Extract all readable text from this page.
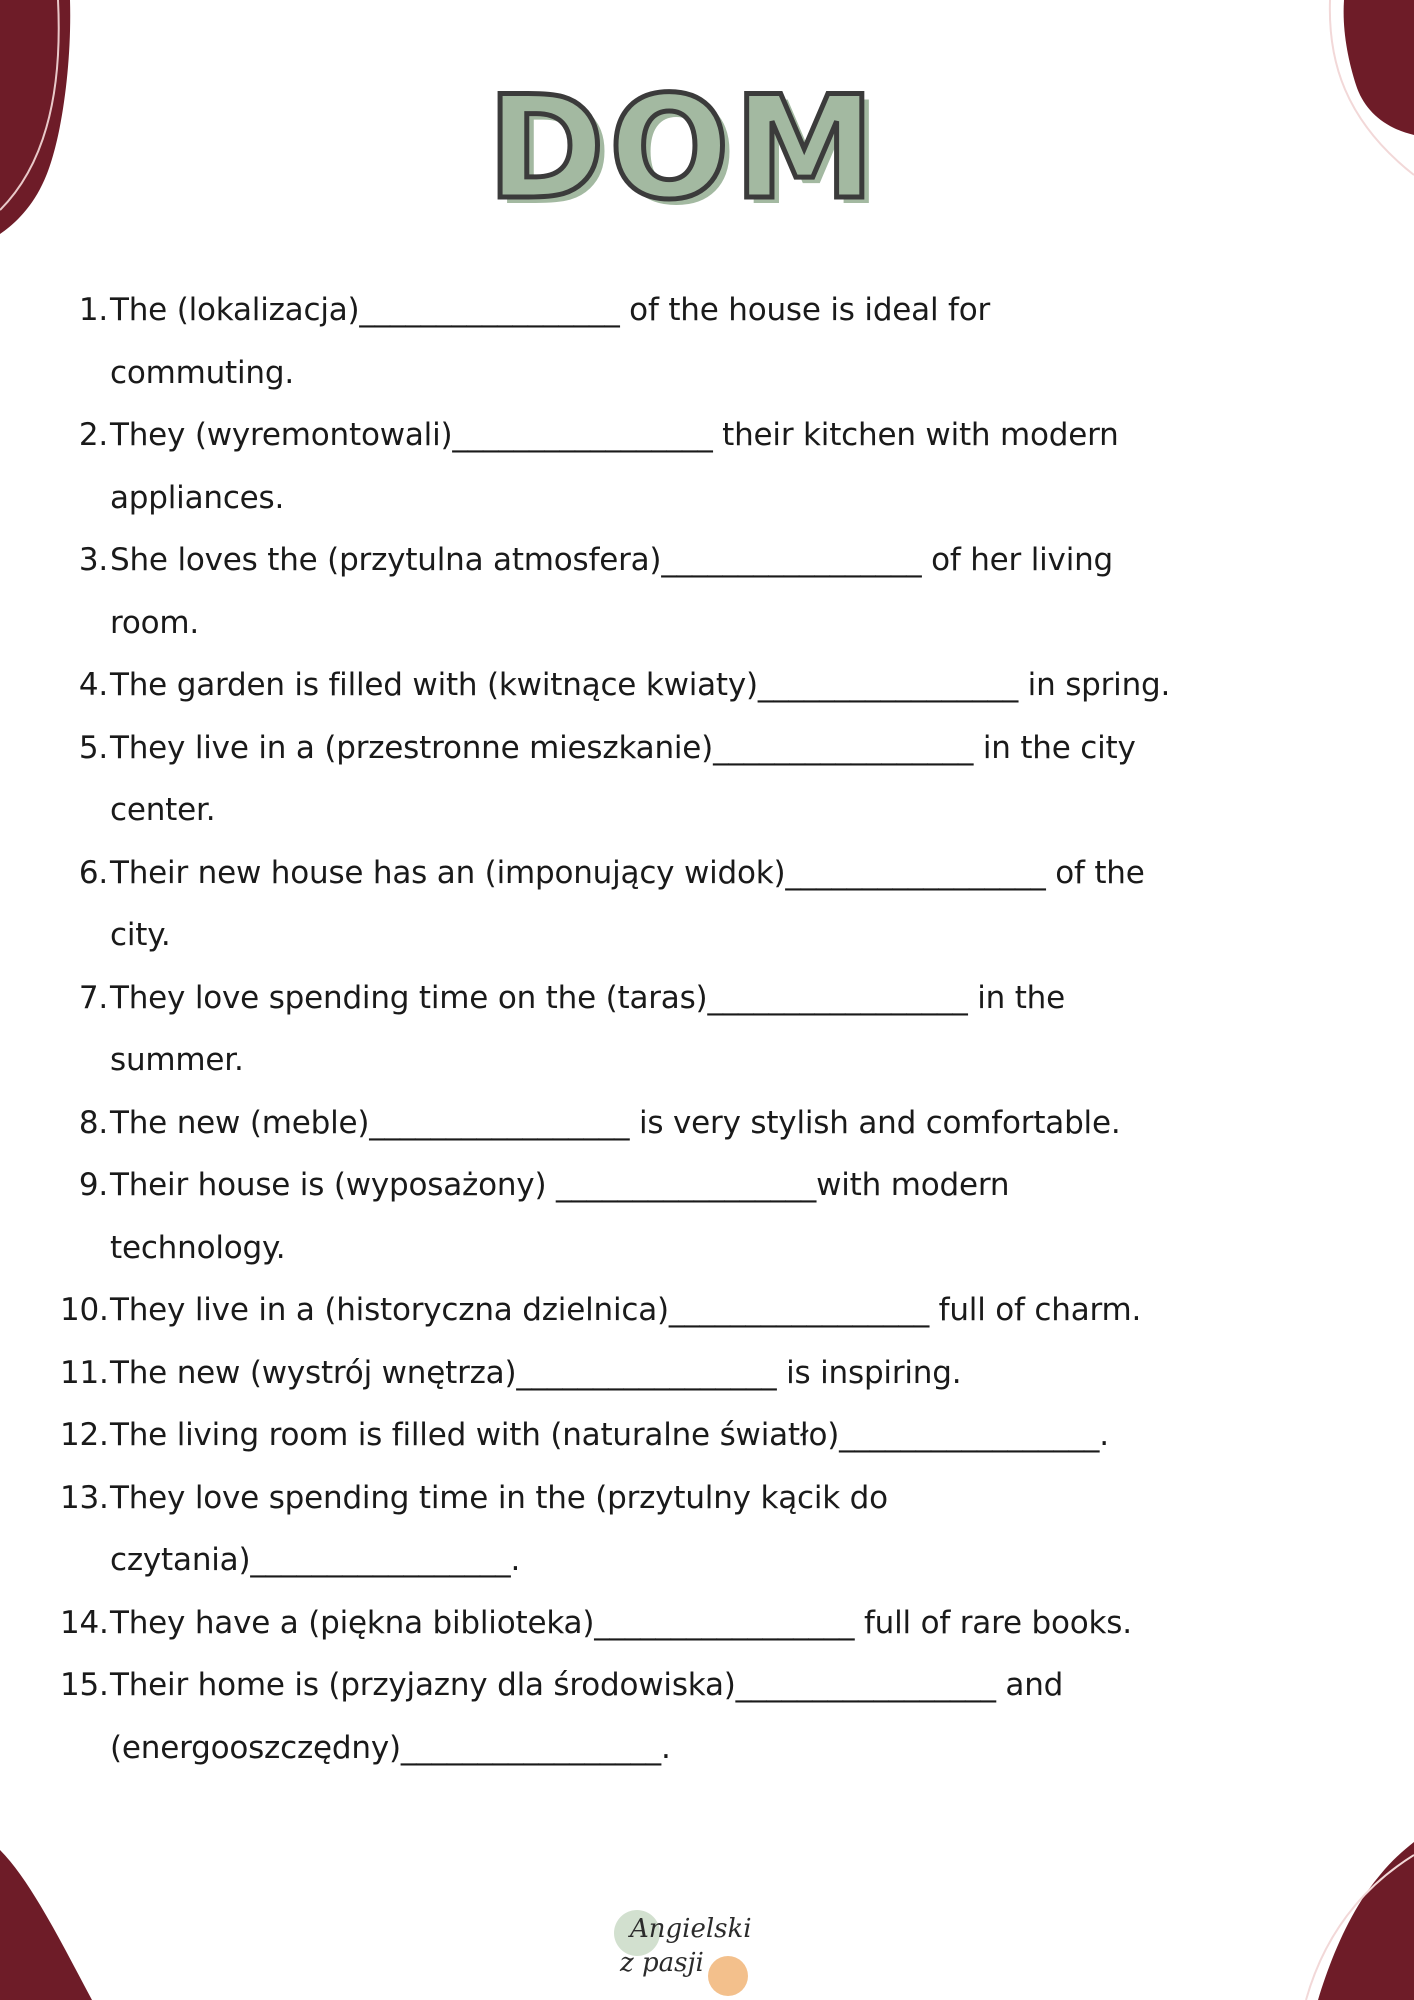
DOM
1. The (lokalizacja)_________________ of the house is ideal for
commuting.
2. They (wyremontowali)_________________ their kitchen with modern
appliances.
3. She loves the (przytulna atmosfera)_________________ of her living
room.
4. The garden is filled with (kwitnące kwiaty)_________________ in spring.
5. They live in a (przestronne mieszkanie)_________________ in the city
center.
6. Their new house has an (imponujący widok)_________________ of the
city.
7. They love spending time on the (taras)_________________ in the
summer.
8. The new (meble)_________________ is very stylish and comfortable.
9. Their house is (wyposażony) _________________with modern
technology.
10. They live in a (historyczna dzielnica)_________________ full of charm.
11. The new (wystrój wnętrza)_________________ is inspiring.
12. The living room is filled with (naturalne światło)_________________.
13. They love spending time in the (przytulny kącik do
czytania)_________________.
14. They have a (piękna biblioteka)_________________ full of rare books.
15. Their home is (przyjazny dla środowiska)_________________ and
(energooszczędny)_________________.
Angielski
z pasji
